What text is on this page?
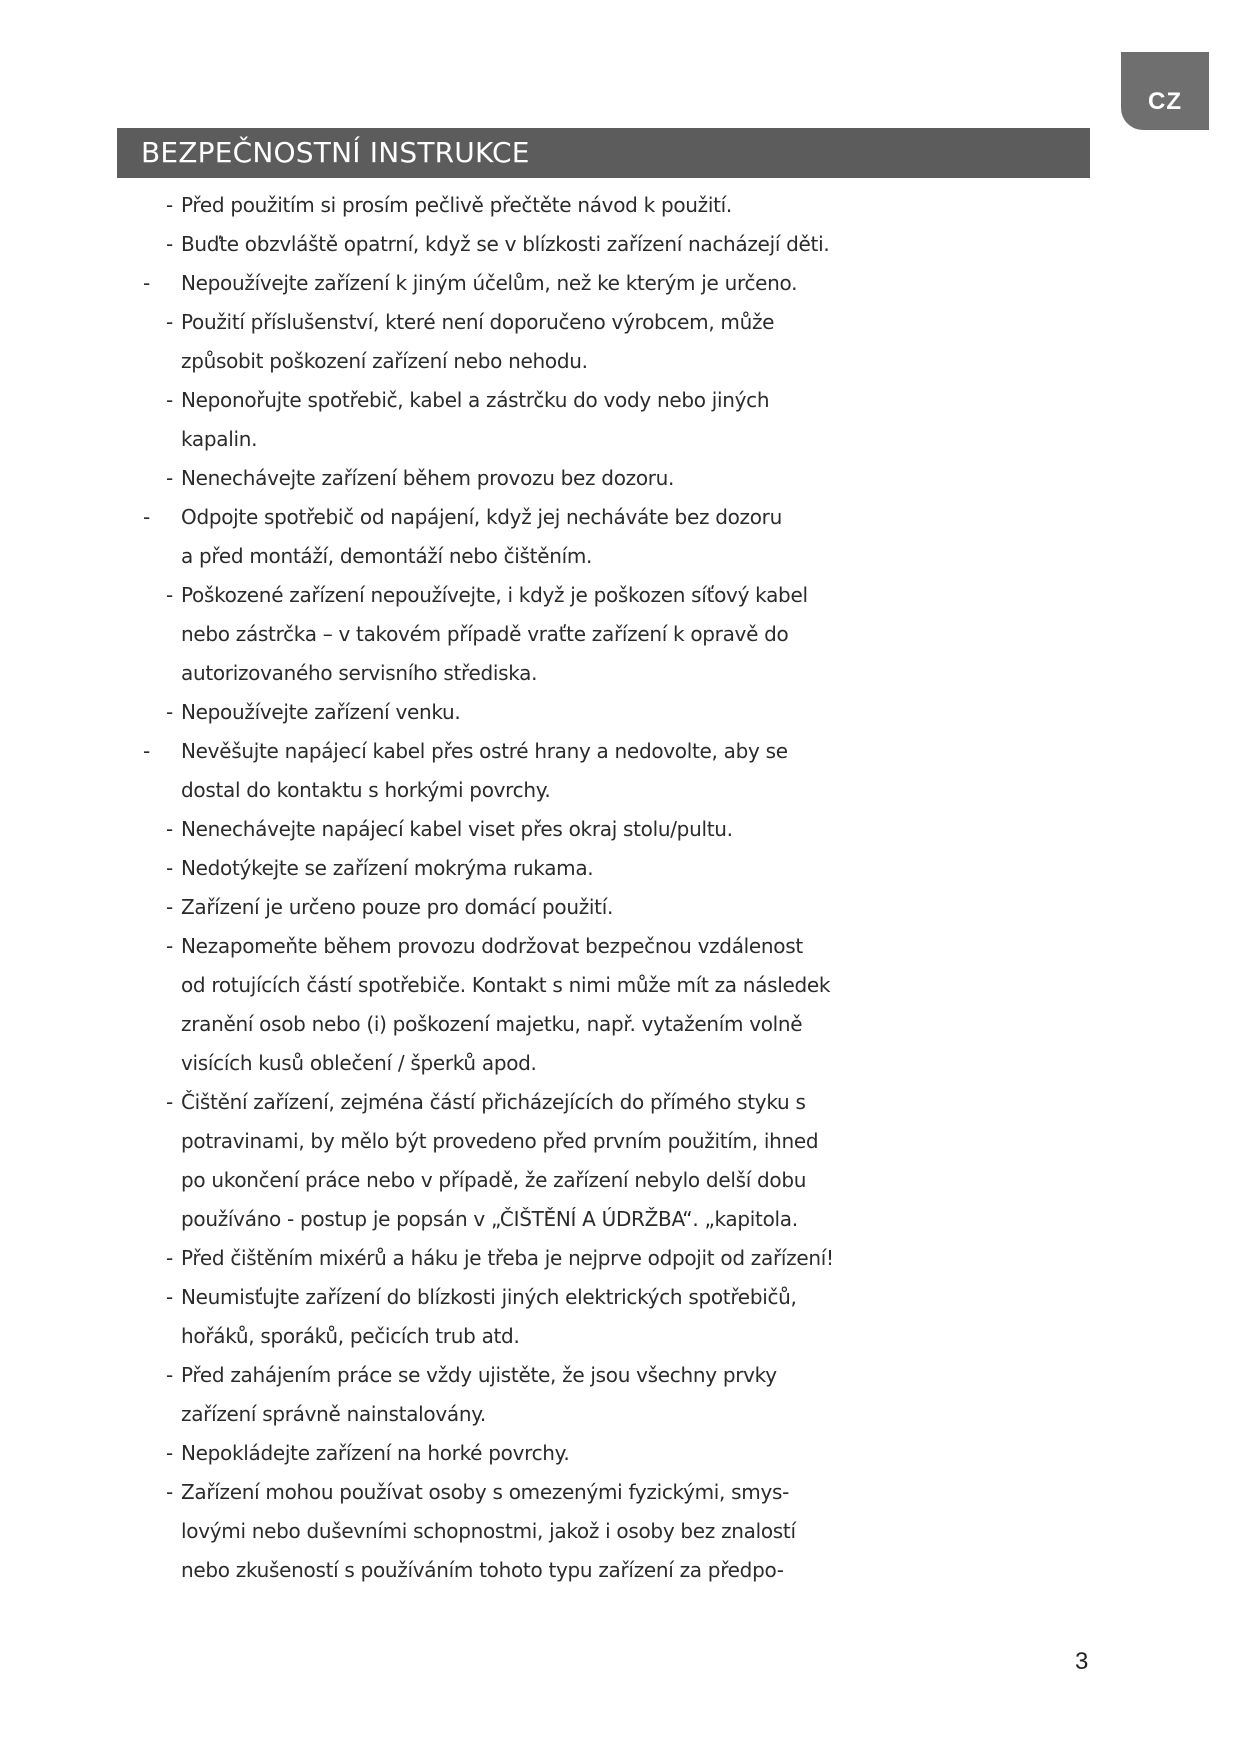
CZ
BEZPEČNOSTNÍ INSTRUKCE
- Před použitím si prosím pečlivě přečtěte návod k použití.
- Buďte obzvláště opatrní, když se v blízkosti zařízení nacházejí děti.
- Nepoužívejte zařízení k jiným účelům, než ke kterým je určeno.
- Použití příslušenství, které není doporučeno výrobcem, může
způsobit poškození zařízení nebo nehodu.
- Neponořujte spotřebič, kabel a zástrčku do vody nebo jiných
kapalin.
- Nenechávejte zařízení během provozu bez dozoru.
- Odpojte spotřebič od napájení, když jej necháváte bez dozoru
a před montáží, demontáží nebo čištěním.
- Poškozené zařízení nepoužívejte, i když je poškozen síťový kabel
nebo zástrčka – v takovém případě vraťte zařízení k opravě do
autorizovaného servisního střediska.
- Nepoužívejte zařízení venku.
- Nevěšujte napájecí kabel přes ostré hrany a nedovolte, aby se
dostal do kontaktu s horkými povrchy.
- Nenechávejte napájecí kabel viset přes okraj stolu/pultu.
- Nedotýkejte se zařízení mokrýma rukama.
- Zařízení je určeno pouze pro domácí použití.
- Nezapomeňte během provozu dodržovat bezpečnou vzdálenost
od rotujících částí spotřebiče. Kontakt s nimi může mít za následek
zranění osob nebo (i) poškození majetku, např. vytažením volně
visících kusů oblečení / šperků apod.
- Čištění zařízení, zejména částí přicházejících do přímého styku s
potravinami, by mělo být provedeno před prvním použitím, ihned
po ukončení práce nebo v případě, že zařízení nebylo delší dobu
používáno - postup je popsán v „ČIŠTĚNÍ A ÚDRŽBA“. „kapitola.
- Před čištěním mixérů a háku je třeba je nejprve odpojit od zařízení!
- Neumisťujte zařízení do blízkosti jiných elektrických spotřebičů,
hořáků, sporáků, pečicích trub atd.
- Před zahájením práce se vždy ujistěte, že jsou všechny prvky
zařízení správně nainstalovány.
- Nepokládejte zařízení na horké povrchy.
- Zařízení mohou používat osoby s omezenými fyzickými, smys-
lovými nebo duševními schopnostmi, jakož i osoby bez znalostí
nebo zkušeností s používáním tohoto typu zařízení za předpo-
3
